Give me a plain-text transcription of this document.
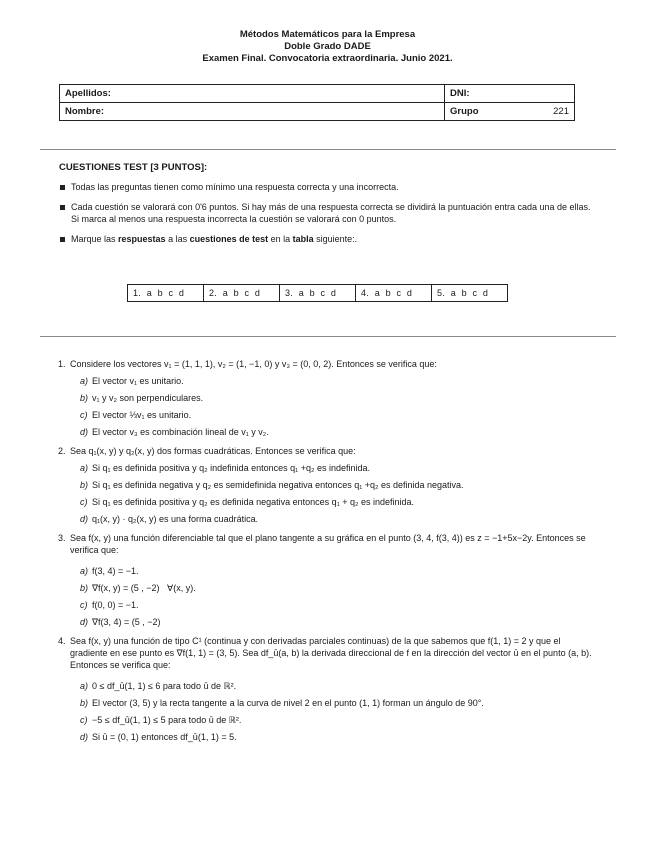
Métodos Matemáticos para la Empresa
Doble Grado DADE
Examen Final. Convocatoria extraordinaria. Junio 2021.
Apellidos:	DNI:	
Nombre:	Grupo	221
CUESTIONES TEST [3 PUNTOS]:
Todas las preguntas tienen como mínimo una respuesta correcta y una incorrecta.
Cada cuestión se valorará con 0'6 puntos. Si hay más de una respuesta correcta se dividirá la puntuación entra cada una de ellas. Si marca al menos una respuesta incorrecta la cuestión se valorará con 0 puntos.
Marque las respuestas a las cuestiones de test en la tabla siguiente:.
1.  a  b  c  d	2.  a  b  c  d	3.  a  b  c  d	4.  a  b  c  d	5.  a  b  c  d
1. Considere los vectores v₁ = (1, 1, 1), v₂ = (1, −1, 0) y v₃ = (0, 0, 2). Entonces se verifica que:
a) El vector v₁ es unitario.
b) v₁ y v₂ son perpendiculares.
c) El vector ⅓v₁ es unitario.
d) El vector v₃ es combinación lineal de v₁ y v₂.
2. Sea q₁(x, y) y q₂(x, y) dos formas cuadráticas. Entonces se verifica que:
a) Si q₁ es definida positiva y q₂ indefinida entonces q₁ +q₂ es indefinida.
b) Si q₁ es definida negativa y q₂ es semidefinida negativa entonces q₁ +q₂ es definida negativa.
c) Si q₁ es definida positiva y q₂ es definida negativa entonces q₁ + q₂ es indefinida.
d) q₁(x, y) · q₂(x, y) es una forma cuadrática.
3. Sea f(x, y) una función diferenciable tal que el plano tangente a su gráfica en el punto (3, 4, f(3, 4)) es z = −1+5x−2y. Entonces se verifica que:
a) f(3, 4) = −1.
b) ∇f(x, y) = (5 , −2)   ∀(x, y).
c) f(0, 0) = −1.
d) ∇f(3, 4) = (5 , −2)
4. Sea f(x, y) una función de tipo C¹ (continua y con derivadas parciales continuas) de la que sabemos que f(1, 1) = 2 y que el gradiente en ese punto es ∇f(1, 1) = (3, 5). Sea df_ū(a, b) la derivada direccional de f en la dirección del vector ū en el punto (a, b). Entonces se verifica que:
a) 0 ≤ df_ū(1, 1) ≤ 6 para todo ū de ℝ².
b) El vector (3, 5) y la recta tangente a la curva de nivel 2 en el punto (1, 1) forman un ángulo de 90°.
c) −5 ≤ df_ū(1, 1) ≤ 5 para todo ū de ℝ².
d) Si ū = (0, 1) entonces df_ū(1, 1) = 5.
